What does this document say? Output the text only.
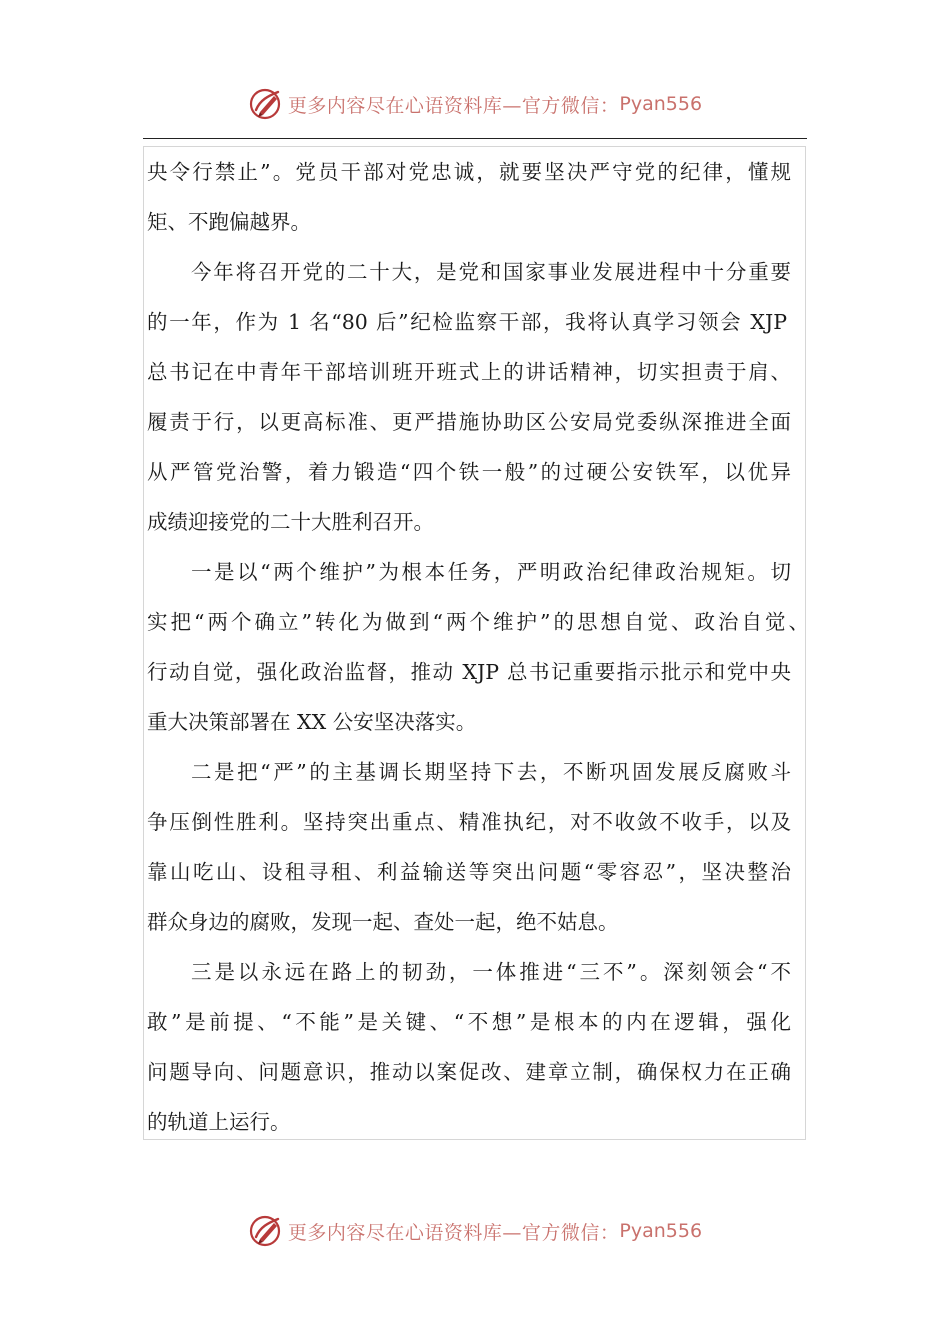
更多内容尽在心语资料库—官方微信： Pyan556
央令行禁止”。党员干部对党忠诚，就要坚决严守党的纪律，懂规
矩、不跑偏越界。
今年将召开党的二十大，是党和国家事业发展进程中十分重要
的一年，作为 1 名“80 后”纪检监察干部，我将认真学习领会 XJP
总书记在中青年干部培训班开班式上的讲话精神，切实担责于肩、
履责于行，以更高标准、更严措施协助区公安局党委纵深推进全面
从严管党治警，着力锻造“四个铁一般”的过硬公安铁军，以优异
成绩迎接党的二十大胜利召开。
一是以“两个维护”为根本任务，严明政治纪律政治规矩。切
实把“两个确立”转化为做到“两个维护”的思想自觉、政治自觉、
行动自觉，强化政治监督，推动 XJP 总书记重要指示批示和党中央
重大决策部署在 XX 公安坚决落实。
二是把“严”的主基调长期坚持下去，不断巩固发展反腐败斗
争压倒性胜利。坚持突出重点、精准执纪，对不收敛不收手，以及
靠山吃山、设租寻租、利益输送等突出问题“零容忍”，坚决整治
群众身边的腐败，发现一起、查处一起，绝不姑息。
三是以永远在路上的韧劲，一体推进“三不”。深刻领会“不
敢”是前提、“不能”是关键、“不想”是根本的内在逻辑，强化
问题导向、问题意识，推动以案促改、建章立制，确保权力在正确
的轨道上运行。
更多内容尽在心语资料库—官方微信： Pyan556
